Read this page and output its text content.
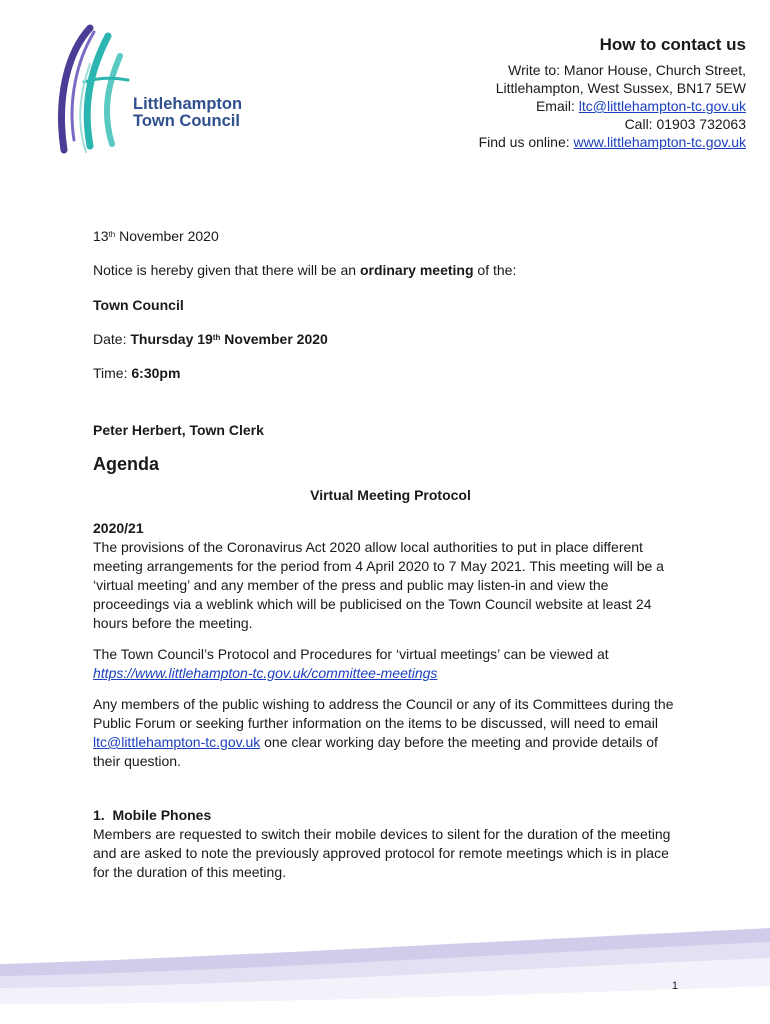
Littlehampton
Town Council
How to contact us
Write to: Manor House, Church Street,
Littlehampton, West Sussex, BN17 5EW
Email: ltc@littlehampton-tc.gov.uk
Call: 01903 732063
Find us online: www.littlehampton-tc.gov.uk

13th November 2020

Notice is hereby given that there will be an ordinary meeting of the:

Town Council

Date: Thursday 19th November 2020

Time: 6:30pm

Peter Herbert, Town Clerk

Agenda

Virtual Meeting Protocol

2020/21

The provisions of the Coronavirus Act 2020 allow local authorities to put in place different meeting arrangements for the period from 4 April 2020 to 7 May 2021. This meeting will be a ‘virtual meeting’ and any member of the press and public may listen-in and view the proceedings via a weblink which will be publicised on the Town Council website at least 24 hours before the meeting.

The Town Council’s Protocol and Procedures for ‘virtual meetings’ can be viewed at
https://www.littlehampton-tc.gov.uk/committee-meetings

Any members of the public wishing to address the Council or any of its Committees during the Public Forum or seeking further information on the items to be discussed, will need to email ltc@littlehampton-tc.gov.uk one clear working day before the meeting and provide details of their question.

1. Mobile Phones

Members are requested to switch their mobile devices to silent for the duration of the meeting and are asked to note the previously approved protocol for remote meetings which is in place for the duration of this meeting.

1
